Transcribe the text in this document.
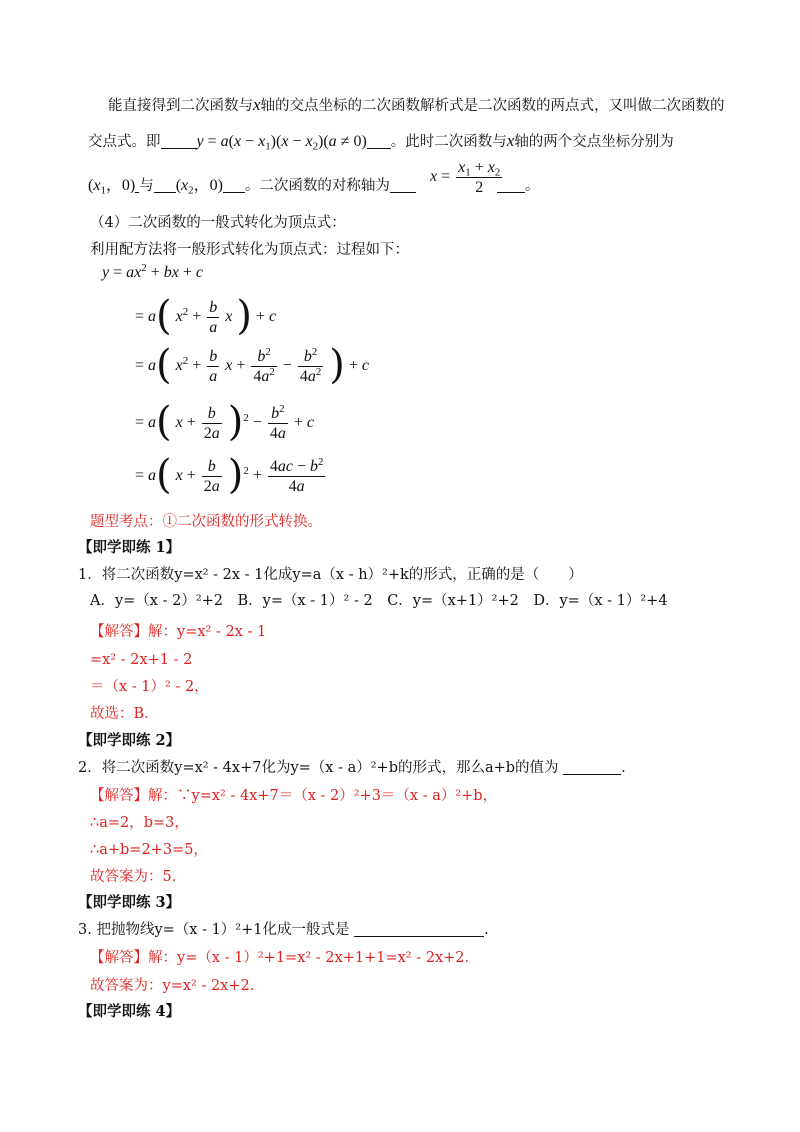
能直接得到二次函数与x轴的交点坐标的二次函数解析式是二次函数的两点式，又叫做二次函数的
交点式。即 $y = a(x - x_1)(x - x_2)(a \ne 0)$ 。此时二次函数与x轴的两个交点坐标分别为
($x_1$，0) 与 ($x_2$，0) 。二次函数的对称轴为
$x = \frac{x_1 + x_2}{2}$	。
（4）二次函数的一般式转化为顶点式：
利用配方法将一般形式转化为顶点式：过程如下：
$y = ax^2$ + bx + c
= a( $x^2 + \frac{b}{a}$ x ) + c
= a( $x^2 + \frac{b}{a}$ $x + \frac{b^2}{4a^2} - \frac{b^2}{4a^2}$ ) + c
= a( $x + \frac{b}{2a} )^2 - \frac{b^2}{4a} + c$
= a( $x + \frac{b}{2a} )^2 + \frac{4ac - b^2}{4a}$
题型考点：①二次函数的形式转换。
【即学即练 1】
1．将二次函数y=x² - 2x - 1化成y=a（x - h）²+k的形式，正确的是（　　）
A．y=（x - 2）²+2　B．y=（x - 1）² - 2　C．y=（x+1）²+2　D．y=（x - 1）²+4
【解答】解：y=x² - 2x - 1
=x² - 2x+1 - 2
＝（x - 1）² - 2，
故选：B．
【即学即练 2】
2．将二次函数y=x² - 4x+7化为y=（x - a）²+b的形式，那么a+b的值为	.
【解答】解：∵y=x² - 4x+7＝（x - 2）²+3＝（x - a）²+b，
∴a=2，b=3，
∴a+b=2+3=5，
故答案为：5．
【即学即练 3】
3. 把抛物线y=（x - 1）²+1化成一般式是	.
【解答】解：y=（x - 1）²+1=x² - 2x+1+1=x² - 2x+2．
故答案为：y=x² - 2x+2．
【即学即练 4】
